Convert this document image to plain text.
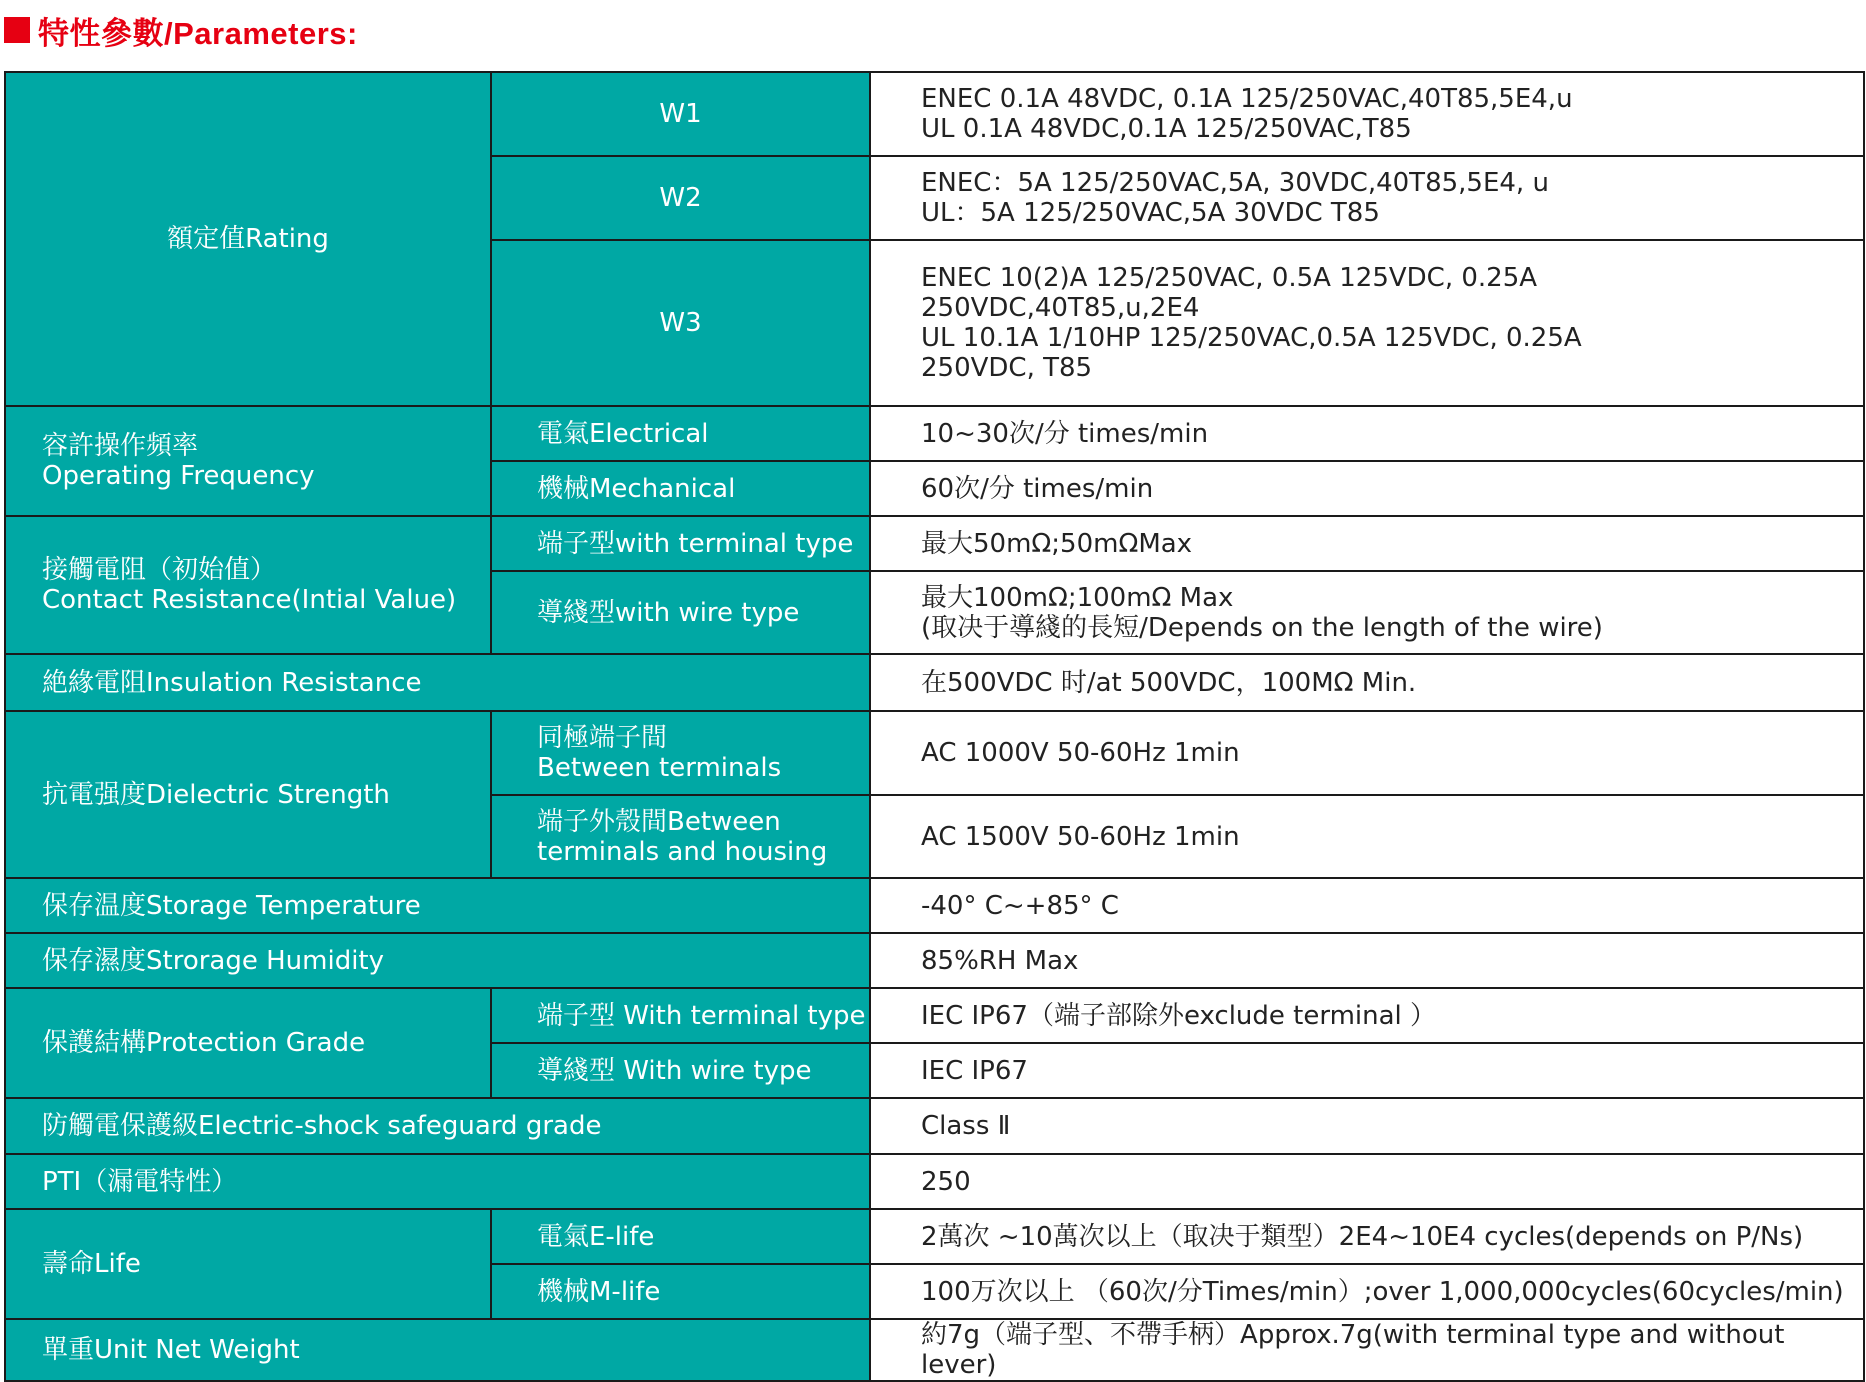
特性參數/Parameters:
額定值Rating	W1	ENEC 0.1A 48VDC, 0.1A 125/250VAC,40T85,5E4,u
UL 0.1A 48VDC,0.1A 125/250VAC,T85

	W2	ENEC：5A 125/250VAC,5A, 30VDC,40T85,5E4, u
UL：5A 125/250VAC,5A 30VDC T85

	W3	ENEC 10(2)A 125/250VAC, 0.5A 125VDC, 0.25A
250VDC,40T85,u,2E4
UL 10.1A 1/10HP 125/250VAC,0.5A 125VDC, 0.25A
250VDC, T85

容許操作頻率
Operating Frequency	電氣Electrical	10~30次/分 times/min
	機械Mechanical	60次/分 times/min

接觸電阻（初始值）
Contact Resistance(Intial Value)	端子型with terminal type	最大50mΩ;50mΩMax
	導綫型with wire type	最大100mΩ;100mΩ Max
(取决于導綫的長短/Depends on the length of the wire)

絶緣電阻Insulation Resistance		在500VDC 时/at 500VDC，100MΩ Min.
抗電强度Dielectric Strength	同極端子間
Between terminals	AC 1000V 50-60Hz 1min

	端子外殼間Between
terminals and housing	AC 1500V 50-60Hz 1min
保存温度Storage Temperature		-40° C~+85° C
保存濕度Strorage Humidity		85%RH Max
保護結構Protection Grade	端子型 With terminal type	IEC IP67（端子部除外exclude terminal ）
	導綫型 With wire type	IEC IP67
防觸電保護級Electric-shock safeguard grade		Class Ⅱ
PTI（漏電特性）		250
壽命Life	電氣E-life	2萬次 ~10萬次以上（取决于類型）2E4~10E4 cycles(depends on P/Ns)
	機械M-life	100万次以上 （60次/分Times/min）;over 1,000,000cycles(60cycles/min)
單重Unit Net Weight		約7g（端子型、不帶手柄）Approx.7g(with terminal type and without lever)
